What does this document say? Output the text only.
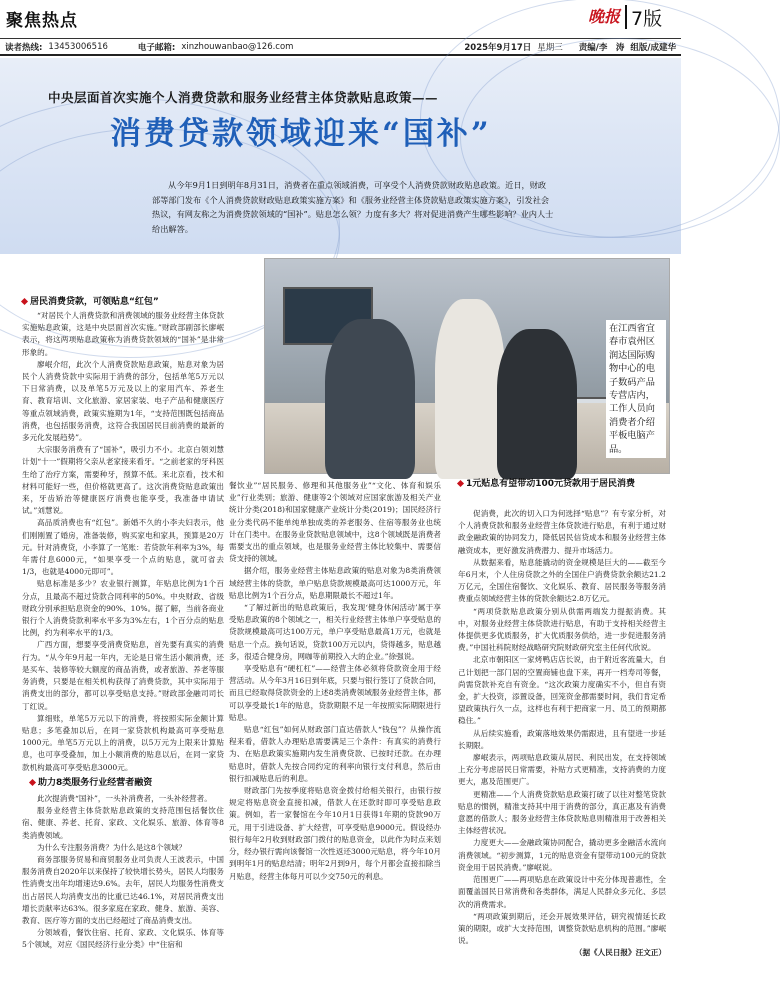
聚焦热点	晚报 7版
读者热线: 13453006516	电子邮箱: xinzhouwanbao@126.com	2025年9月17日 星期三 责编/李　涛 组版/成建华
中央层面首次实施个人消费贷款和服务业经营主体贷款贴息政策——
消费贷款领域迎来“国补”
从今年9月1日到明年8月31日，消费者在重点领域消费，可享受个人消费贷款财政贴息政策。近日，财政部等部门发布《个人消费贷款财政贴息政策实施方案》和《服务业经营主体贷款贴息政策实施方案》，引发社会热议，有网友称之为消费贷款领域的“国补”。贴息怎么领？力度有多大？将对促进消费产生哪些影响？业内人士给出解答。
在江西省宜春市袁州区润达国际购物中心的电子数码产品专营店内，工作人员向消费者介绍平板电脑产品。
居民消费贷款，可领贴息“红包”

“对居民个人消费贷款和消费领域的服务业经营主体贷款实施贴息政策，这是中央层面首次实施。”财政部副部长廖岷表示，将这两项贴息政策称为消费贷款领域的“国补”是非常形象的。

廖岷介绍，此次个人消费贷款贴息政策，贴息对象为居民个人消费贷款中实际用于消费的部分，包括单笔5万元以下日常消费，以及单笔5万元及以上的家用汽车、养老生育、教育培训、文化旅游、家居家装、电子产品和健康医疗等重点领域消费，政策实施期为1年，“支持范围既包括商品消费，也包括服务消费，这符合我国居民目前消费的最新的多元化发展趋势”。

大宗服务消费有了“国补”，吸引力不小。北京白领刘慧计划“十一”假期将父亲从老家接来看牙。“之前老家的牙科医生给了治疗方案，需要种牙，预算不低。来北京看，技术和材料可能好一些，但价格就更高了。这次消费贷贴息政策出来，牙齿矫治等健康医疗消费也能享受，我准备申请试试。”刘慧说。

高品质消费也有“红包”。新婚不久的小李夫妇表示，他们刚刚置了婚房，准备装修，购买家电和家具，预算是20万元。针对消费贷，小李算了一笔账：若贷款年利率为3%，每年需付息6000元，“如果享受一个点的贴息，就可省去1/3，也就是4000元即可”。

贴息标准是多少？农业银行测算，年贴息比例为1个百分点，且最高不超过贷款合同利率的50%。中央财政、省级财政分别承担贴息资金的90%、10%。据了解，当前各商业银行个人消费贷款利率水平多为3%左右，1个百分点的贴息比例，约为利率水平的1/3。

广西方面，想要享受消费贷贴息，首先要有真实的消费行为。“从今年9月起一年内，无论是日常生活小额消费，还是买车、装修等较大额度的商品消费，或者旅游、养老等服务消费，只要是在相关机构获得了消费贷款，其中实际用于消费支出的部分，都可以享受贴息支持。”财政部金融司司长丁红说。

算细账，单笔5万元以下的消费，将按照实际金额计算贴息；多笔叠加以后，在同一家贷款机构最高可享受贴息1000元。单笔5万元以上的消费，以5万元为上限来计算贴息，也可享受叠加，加上小额消费的贴息以后，在同一家贷款机构最高可享受贴息3000元。

助力8类服务行业经营者融资

此次提消费“国补”，一头补消费者，一头补经营者。

服务业经营主体贷款贴息政策的支持范围包括餐饮住宿、健康、养老、托育、家政、文化娱乐、旅游、体育等8类消费领域。

为什么专注服务消费？为什么是这8个领域？

商务部服务贸易和商贸服务业司负责人王波表示，中国服务消费自2020年以来保持了较快增长势头，居民人均服务性消费支出年均增速达9.6%。去年，居民人均服务性消费支出占居民人均消费支出的比重已达46.1%，对居民消费支出增长贡献率达63%。很多家庭在家政、健身、旅游、美容、教育、医疗等方面的支出已经超过了商品消费支出。

分领域看，餐饮住宿、托育、家政、文化娱乐、体育等5个领域，对应《国民经济行业分类》中“住宿和

餐饮业”“居民服务、修理和其他服务业”“文化、体育和娱乐业”行业类别；旅游、健康等2个领域对应国家旅游及相关产业统计分类(2018)和国家健康产业统计分类(2019)；国民经济行业分类代码不能单纯单独成类的养老服务、住宿等服务业也统计在门类中。在服务业贷款贴息领域中，这8个领域既是消费者需要支出的重点领域，也是服务业经营主体比较集中、需要信贷支持的领域。

据介绍，服务业经营主体贴息政策的贴息对象为8类消费领域经营主体的贷款，单户贴息贷款规模最高可达1000万元，年贴息比例为1个百分点，贴息期限最长不超过1年。

“了解过新出的贴息政策后，我发现‘健身休闲活动’属于享受贴息政策的8个领域之一，相关行业经营主体单户享受贴息的贷款规模最高可达100万元，单户享受贴息最高1万元，也就是贴息一个点。换句话说，贷款100万元以内，贷得越多，贴息越多，很适合健身房，网咖等前期投入大的企业。”徐强说。

享受贴息有“硬杠杠”——经营主体必须将贷款资金用于经营活动。从今年3月16日到年底，只要与银行签订了贷款合同，而且已经取得贷款资金的上述8类消费领域服务业经营主体，都可以享受最长1年的贴息，贷款期限不足一年按照实际期限进行贴息。

贴息“红包”如何从财政部门直达借款人“钱包”？从操作流程来看，借款人办理贴息需要满足三个条件：有真实的消费行为、在贴息政策实施期内发生消费贷款、已按时还款。在办理贴息时，借款人先按合同约定的利率向银行支付利息，然后由银行扣减贴息后的利息。

财政部门先按季度将贴息资金拨付给相关银行，由银行按规定将贴息资金直接扣减，借款人在还款时即可享受贴息政策。例如，若一家餐馆在今年10月1日获得1年期的贷款90万元，用于引进设备、扩大经营，可享受贴息9000元。假设经办银行每年2月收到财政部门拨付的贴息资金，以此作为时点来划分，经办银行需向该餐馆一次性返还3000元贴息，将今年10月到明年1月的贴息结清；明年2月到9月，每个月都会直接扣除当月贴息，经营主体每月可以少交750元的利息。

1元贴息有望带动100元贷款用于居民消费

促消费，此次的切入口为何选择“贴息”？有专家分析，对个人消费贷款和服务业经营主体贷款进行贴息，有利于通过财政金融政策的协同发力，降低居民信贷成本和服务业经营主体融资成本，更好激发消费潜力、提升市场活力。

从数据来看，贴息能撬动的资金规模是巨大的——截至今年6月末，个人住房贷款之外的全国住户消费贷款余额达21.2万亿元，全国住宿餐饮、文化娱乐、教育、居民服务等服务消费重点领域经营主体的贷款余额达2.8万亿元。

“两项贷款贴息政策分别从供需两端发力提振消费。其中，对服务业经营主体贷款进行贴息，有助于支持相关经营主体提供更多优质服务，扩大优质服务供给，进一步促进服务消费。”中国社科院财经战略研究院财政研究室主任何代欣说。

北京市朝阳区一家烤鸭店店长说，由于附近客流量大，自己计划把一部门居的空置商铺也盘下来，再开一档寿司等餐，尚需贷款补充自有资金。“这次政策力度确实不小，但自有资金，扩大投资，添置设备，回笼资金都需要时间，我们肯定希望政策执行久一点，这样也有利于把商家一月、员工的预期都稳住。”

从后续实施看，政策落地效果仍需跟进，且有望进一步延长期限。

廖岷表示，两项贴息政策从居民、利民出发，在支持领域上充分考虑居民日常需要，补贴方式更精准，支持消费的力度更大，惠及范围更广。

更精准——个人消费贷款贴息政策打破了以往对整笔贷款贴息的惯例，精准支持其中用于消费的部分，真正惠及有消费意愿的借款人；服务业经营主体贷款贴息则精准用于改善相关主体经营状况。

力度更大——金融政策协同配合，撬动更多金融活水流向消费领域。“初步测算，1元的贴息资金有望带动100元的贷款资金用于居民消费。”廖岷说。

范围更广——两项贴息在政策设计中充分体现普惠性，全面覆盖国民日常消费和各类群体，满足人民群众多元化、多层次的消费需求。

“两项政策到期后，还会开展效果评估，研究视情延长政策的期限，或扩大支持范围，调整贷款贴息机构的范围。”廖岷说。

（据《人民日报》汪文正）
